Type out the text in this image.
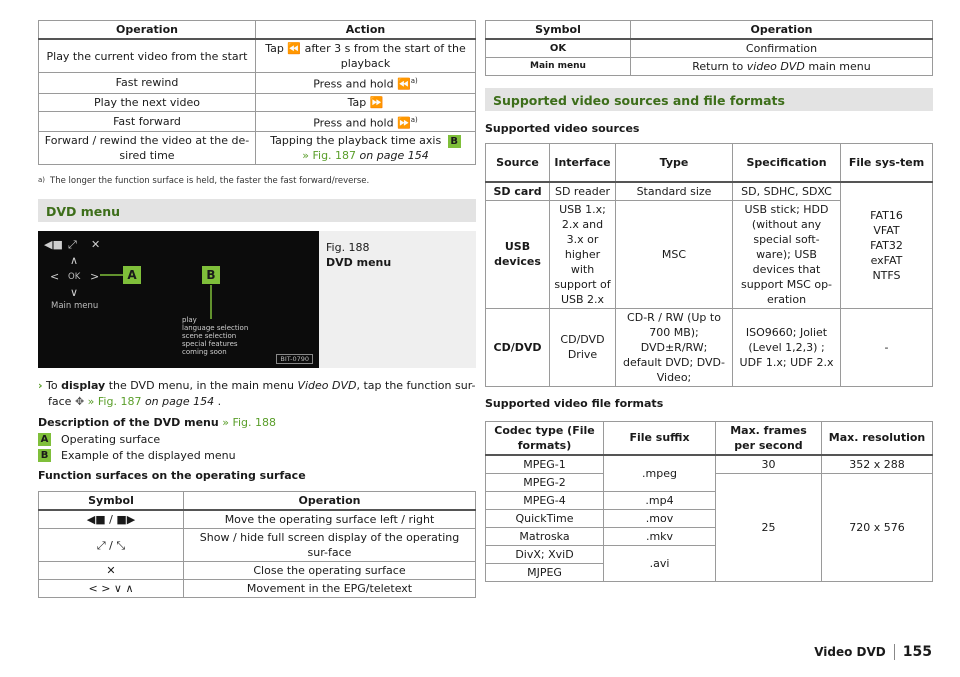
Operation	Action
Play the current video from the start	Tap ⏪ after 3 s from the start of the playback
Fast rewind	Press and hold ⏪$^{a)}$
Play the next video	Tap ⏩
Fast forward	Press and hold ⏩$^{a)}$
Forward / rewind the video at the de-sired time	Tapping the playback time axis B
» Fig. 187 on page 154
a) The longer the function surface is held, the faster the fast forward/reverse.
DVD menu
◀■ ⤢ ✕
∧
< OK >
∨
Main menu
play
language selection
scene selection
special features
coming soon
A	B
BIT-0790
Fig. 188
DVD menu

› To display the DVD menu, in the main menu Video DVD, tap the function sur-face ✥ » Fig. 187 on page 154 .

Description of the DVD menu » Fig. 188

A Operating surface
B Example of the displayed menu

Function surfaces on the operating surface

Symbol	Operation
◀■ / ■▶	Move the operating surface left / right
⤢ / ⤡	Show / hide full screen display of the operating sur-face
✕	Close the operating surface
< > ∨ ∧	Movement in the EPG/teletext
Symbol	Operation
OK	Confirmation
Main menu	Return to video DVD main menu
Supported video sources and file formats

Supported video sources

Source	Interface	Type	Specification	File sys-tem
SD card	SD reader	Standard size	SD, SDHC, SDXC	FAT16 VFAT FAT32 exFAT NTFS
USB devices	USB 1.x; 2.x and 3.x or higher with support of USB 2.x	MSC	USB stick; HDD (without any special soft-ware); USB devices that support MSC op-eration	
CD/DVD	CD/DVD Drive	CD-R / RW (Up to 700 MB); DVD±R/RW; default DVD; DVD-Video;	ISO9660; Joliet (Level 1,2,3) ; UDF 1.x; UDF 2.x	-

Supported video file formats

Codec type (File formats)	File suffix	Max. frames per second	Max. resolution
MPEG-1	.mpeg	30	352 x 288
MPEG-2		25	720 x 576
MPEG-4	.mp4		
QuickTime	.mov		
Matroska	.mkv		
DivX; XviD	.avi		
MJPEG			
Video DVD	155
